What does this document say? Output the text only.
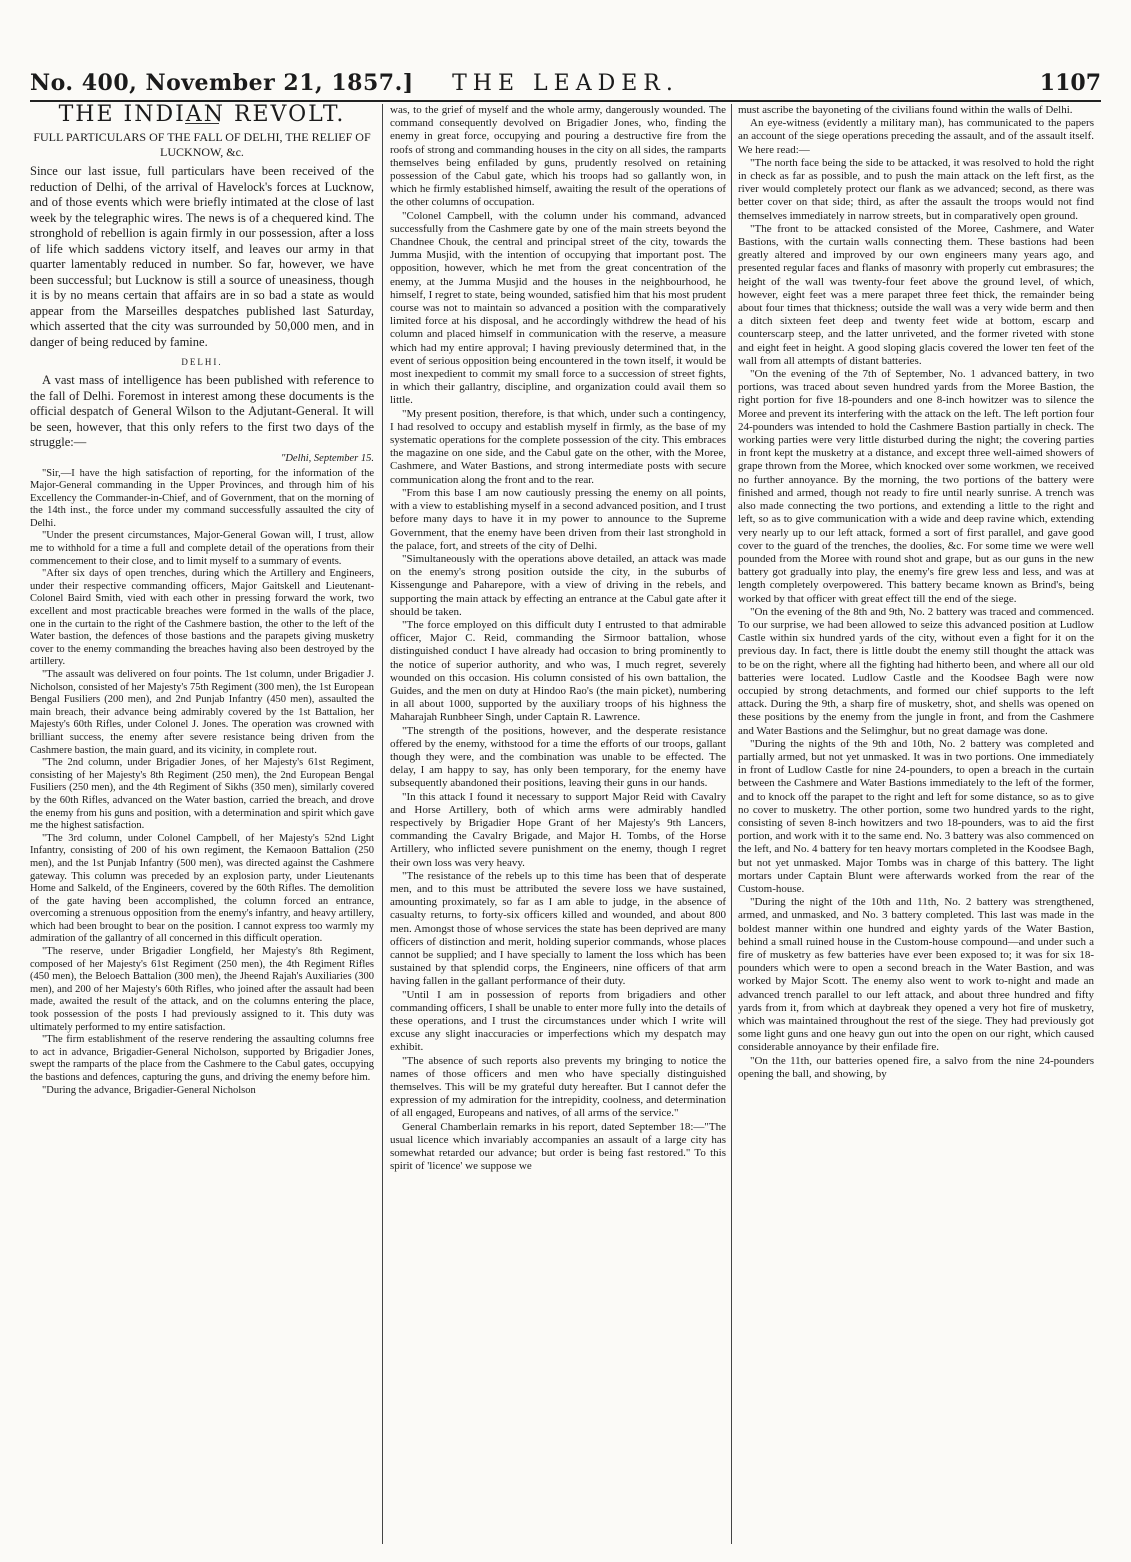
No. 400, November 21, 1857.]	THE LEADER.	1107
THE INDIAN REVOLT.
FULL PARTICULARS OF THE FALL OF DELHI, THE RELIEF OF LUCKNOW, &c.

Since our last issue, full particulars have been received of the reduction of Delhi, of the arrival of Havelock's forces at Lucknow, and of those events which were briefly intimated at the close of last week by the telegraphic wires. The news is of a chequered kind. The stronghold of rebellion is again firmly in our possession, after a loss of life which saddens victory itself, and leaves our army in that quarter lamentably reduced in number. So far, however, we have been successful; but Lucknow is still a source of uneasiness, though it is by no means certain that affairs are in so bad a state as would appear from the Marseilles despatches published last Saturday, which asserted that the city was surrounded by 50,000 men, and in danger of being reduced by famine.

DELHI.

A vast mass of intelligence has been published with reference to the fall of Delhi. Foremost in interest among these documents is the official despatch of General Wilson to the Adjutant-General. It will be seen, however, that this only refers to the first two days of the struggle:—

"Delhi, September 15.

"Sir,—I have the high satisfaction of reporting, for the information of the Major-General commanding in the Upper Provinces, and through him of his Excellency the Commander-in-Chief, and of Government, that on the morning of the 14th inst., the force under my command successfully assaulted the city of Delhi.

"Under the present circumstances, Major-General Gowan will, I trust, allow me to withhold for a time a full and complete detail of the operations from their commencement to their close, and to limit myself to a summary of events.

"After six days of open trenches, during which the Artillery and Engineers, under their respective commanding officers, Major Gaitskell and Lieutenant-Colonel Baird Smith, vied with each other in pressing forward the work, two excellent and most practicable breaches were formed in the walls of the place, one in the curtain to the right of the Cashmere bastion, the other to the left of the Water bastion, the defences of those bastions and the parapets giving musketry cover to the enemy commanding the breaches having also been destroyed by the artillery.

"The assault was delivered on four points. The 1st column, under Brigadier J. Nicholson, consisted of her Majesty's 75th Regiment (300 men), the 1st European Bengal Fusiliers (200 men), and 2nd Punjab Infantry (450 men), assaulted the main breach, their advance being admirably covered by the 1st Battalion, her Majesty's 60th Rifles, under Colonel J. Jones. The operation was crowned with brilliant success, the enemy after severe resistance being driven from the Cashmere bastion, the main guard, and its vicinity, in complete rout.

"The 2nd column, under Brigadier Jones, of her Majesty's 61st Regiment, consisting of her Majesty's 8th Regiment (250 men), the 2nd European Bengal Fusiliers (250 men), and the 4th Regiment of Sikhs (350 men), similarly covered by the 60th Rifles, advanced on the Water bastion, carried the breach, and drove the enemy from his guns and position, with a determination and spirit which gave me the highest satisfaction.

"The 3rd column, under Colonel Campbell, of her Majesty's 52nd Light Infantry, consisting of 200 of his own regiment, the Kemaoon Battalion (250 men), and the 1st Punjab Infantry (500 men), was directed against the Cashmere gateway. This column was preceded by an explosion party, under Lieutenants Home and Salkeld, of the Engineers, covered by the 60th Rifles. The demolition of the gate having been accomplished, the column forced an entrance, overcoming a strenuous opposition from the enemy's infantry, and heavy artillery, which had been brought to bear on the position. I cannot express too warmly my admiration of the gallantry of all concerned in this difficult operation.

"The reserve, under Brigadier Longfield, her Majesty's 8th Regiment, composed of her Majesty's 61st Regiment (250 men), the 4th Regiment Rifles (450 men), the Beloech Battalion (300 men), the Jheend Rajah's Auxiliaries (300 men), and 200 of her Majesty's 60th Rifles, who joined after the assault had been made, awaited the result of the attack, and on the columns entering the place, took possession of the posts I had previously assigned to it. This duty was ultimately performed to my entire satisfaction.

"The firm establishment of the reserve rendering the assaulting columns free to act in advance, Brigadier-General Nicholson, supported by Brigadier Jones, swept the ramparts of the place from the Cashmere to the Cabul gates, occupying the bastions and defences, capturing the guns, and driving the enemy before him.

"During the advance, Brigadier-General Nicholson

was, to the grief of myself and the whole army, dangerously wounded. The command consequently devolved on Brigadier Jones, who, finding the enemy in great force, occupying and pouring a destructive fire from the roofs of strong and commanding houses in the city on all sides, the ramparts themselves being enfiladed by guns, prudently resolved on retaining possession of the Cabul gate, which his troops had so gallantly won, in which he firmly established himself, awaiting the result of the operations of the other columns of occupation.

"Colonel Campbell, with the column under his command, advanced successfully from the Cashmere gate by one of the main streets beyond the Chandnee Chouk, the central and principal street of the city, towards the Jumma Musjid, with the intention of occupying that important post. The opposition, however, which he met from the great concentration of the enemy, at the Jumma Musjid and the houses in the neighbourhood, he himself, I regret to state, being wounded, satisfied him that his most prudent course was not to maintain so advanced a position with the comparatively limited force at his disposal, and he accordingly withdrew the head of his column and placed himself in communication with the reserve, a measure which had my entire approval; I having previously determined that, in the event of serious opposition being encountered in the town itself, it would be most inexpedient to commit my small force to a succession of street fights, in which their gallantry, discipline, and organization could avail them so little.

"My present position, therefore, is that which, under such a contingency, I had resolved to occupy and establish myself in firmly, as the base of my systematic operations for the complete possession of the city. This embraces the magazine on one side, and the Cabul gate on the other, with the Moree, Cashmere, and Water Bastions, and strong intermediate posts with secure communication along the front and to the rear.

"From this base I am now cautiously pressing the enemy on all points, with a view to establishing myself in a second advanced position, and I trust before many days to have it in my power to announce to the Supreme Government, that the enemy have been driven from their last stronghold in the palace, fort, and streets of the city of Delhi.

"Simultaneously with the operations above detailed, an attack was made on the enemy's strong position outside the city, in the suburbs of Kissengunge and Paharepore, with a view of driving in the rebels, and supporting the main attack by effecting an entrance at the Cabul gate after it should be taken.

"The force employed on this difficult duty I entrusted to that admirable officer, Major C. Reid, commanding the Sirmoor battalion, whose distinguished conduct I have already had occasion to bring prominently to the notice of superior authority, and who was, I much regret, severely wounded on this occasion. His column consisted of his own battalion, the Guides, and the men on duty at Hindoo Rao's (the main picket), numbering in all about 1000, supported by the auxiliary troops of his highness the Maharajah Runbheer Singh, under Captain R. Lawrence.

"The strength of the positions, however, and the desperate resistance offered by the enemy, withstood for a time the efforts of our troops, gallant though they were, and the combination was unable to be effected. The delay, I am happy to say, has only been temporary, for the enemy have subsequently abandoned their positions, leaving their guns in our hands.

"In this attack I found it necessary to support Major Reid with Cavalry and Horse Artillery, both of which arms were admirably handled respectively by Brigadier Hope Grant of her Majesty's 9th Lancers, commanding the Cavalry Brigade, and Major H. Tombs, of the Horse Artillery, who inflicted severe punishment on the enemy, though I regret their own loss was very heavy.

"The resistance of the rebels up to this time has been that of desperate men, and to this must be attributed the severe loss we have sustained, amounting proximately, so far as I am able to judge, in the absence of casualty returns, to forty-six officers killed and wounded, and about 800 men. Amongst those of whose services the state has been deprived are many officers of distinction and merit, holding superior commands, whose places cannot be supplied; and I have specially to lament the loss which has been sustained by that splendid corps, the Engineers, nine officers of that arm having fallen in the gallant performance of their duty.

"Until I am in possession of reports from brigadiers and other commanding officers, I shall be unable to enter more fully into the details of these operations, and I trust the circumstances under which I write will excuse any slight inaccuracies or imperfections which my despatch may exhibit.

"The absence of such reports also prevents my bringing to notice the names of those officers and men who have specially distinguished themselves. This will be my grateful duty hereafter. But I cannot defer the expression of my admiration for the intrepidity, coolness, and determination of all engaged, Europeans and natives, of all arms of the service."

General Chamberlain remarks in his report, dated September 18:—"The usual licence which invariably accompanies an assault of a large city has somewhat retarded our advance; but order is being fast restored." To this spirit of 'licence' we suppose we

must ascribe the bayoneting of the civilians found within the walls of Delhi.

An eye-witness (evidently a military man), has communicated to the papers an account of the siege operations preceding the assault, and of the assault itself. We here read:—

"The north face being the side to be attacked, it was resolved to hold the right in check as far as possible, and to push the main attack on the left first, as the river would completely protect our flank as we advanced; second, as there was better cover on that side; third, as after the assault the troops would not find themselves immediately in narrow streets, but in comparatively open ground.

"The front to be attacked consisted of the Moree, Cashmere, and Water Bastions, with the curtain walls connecting them. These bastions had been greatly altered and improved by our own engineers many years ago, and presented regular faces and flanks of masonry with properly cut embrasures; the height of the wall was twenty-four feet above the ground level, of which, however, eight feet was a mere parapet three feet thick, the remainder being about four times that thickness; outside the wall was a very wide berm and then a ditch sixteen feet deep and twenty feet wide at bottom, escarp and counterscarp steep, and the latter unriveted, and the former riveted with stone and eight feet in height. A good sloping glacis covered the lower ten feet of the wall from all attempts of distant batteries.

"On the evening of the 7th of September, No. 1 advanced battery, in two portions, was traced about seven hundred yards from the Moree Bastion, the right portion for five 18-pounders and one 8-inch howitzer was to silence the Moree and prevent its interfering with the attack on the left. The left portion four 24-pounders was intended to hold the Cashmere Bastion partially in check. The working parties were very little disturbed during the night; the covering parties in front kept the musketry at a distance, and except three well-aimed showers of grape thrown from the Moree, which knocked over some workmen, we received no further annoyance. By the morning, the two portions of the battery were finished and armed, though not ready to fire until nearly sunrise. A trench was also made connecting the two portions, and extending a little to the right and left, so as to give communication with a wide and deep ravine which, extending very nearly up to our left attack, formed a sort of first parallel, and gave good cover to the guard of the trenches, the doolies, &c. For some time we were well pounded from the Moree with round shot and grape, but as our guns in the new battery got gradually into play, the enemy's fire grew less and less, and was at length completely overpowered. This battery became known as Brind's, being worked by that officer with great effect till the end of the siege.

"On the evening of the 8th and 9th, No. 2 battery was traced and commenced. To our surprise, we had been allowed to seize this advanced position at Ludlow Castle within six hundred yards of the city, without even a fight for it on the previous day. In fact, there is little doubt the enemy still thought the attack was to be on the right, where all the fighting had hitherto been, and where all our old batteries were located. Ludlow Castle and the Koodsee Bagh were now occupied by strong detachments, and formed our chief supports to the left attack. During the 9th, a sharp fire of musketry, shot, and shells was opened on these positions by the enemy from the jungle in front, and from the Cashmere and Water Bastions and the Selimghur, but no great damage was done.

"During the nights of the 9th and 10th, No. 2 battery was completed and partially armed, but not yet unmasked. It was in two portions. One immediately in front of Ludlow Castle for nine 24-pounders, to open a breach in the curtain between the Cashmere and Water Bastions immediately to the left of the former, and to knock off the parapet to the right and left for some distance, so as to give no cover to musketry. The other portion, some two hundred yards to the right, consisting of seven 8-inch howitzers and two 18-pounders, was to aid the first portion, and work with it to the same end. No. 3 battery was also commenced on the left, and No. 4 battery for ten heavy mortars completed in the Koodsee Bagh, but not yet unmasked. Major Tombs was in charge of this battery. The light mortars under Captain Blunt were afterwards worked from the rear of the Custom-house.

"During the night of the 10th and 11th, No. 2 battery was strengthened, armed, and unmasked, and No. 3 battery completed. This last was made in the boldest manner within one hundred and eighty yards of the Water Bastion, behind a small ruined house in the Custom-house compound—and under such a fire of musketry as few batteries have ever been exposed to; it was for six 18-pounders which were to open a second breach in the Water Bastion, and was worked by Major Scott. The enemy also went to work to-night and made an advanced trench parallel to our left attack, and about three hundred and fifty yards from it, from which at daybreak they opened a very hot fire of musketry, which was maintained throughout the rest of the siege. They had previously got some light guns and one heavy gun out into the open on our right, which caused considerable annoyance by their enfilade fire.

"On the 11th, our batteries opened fire, a salvo from the nine 24-pounders opening the ball, and showing, by
